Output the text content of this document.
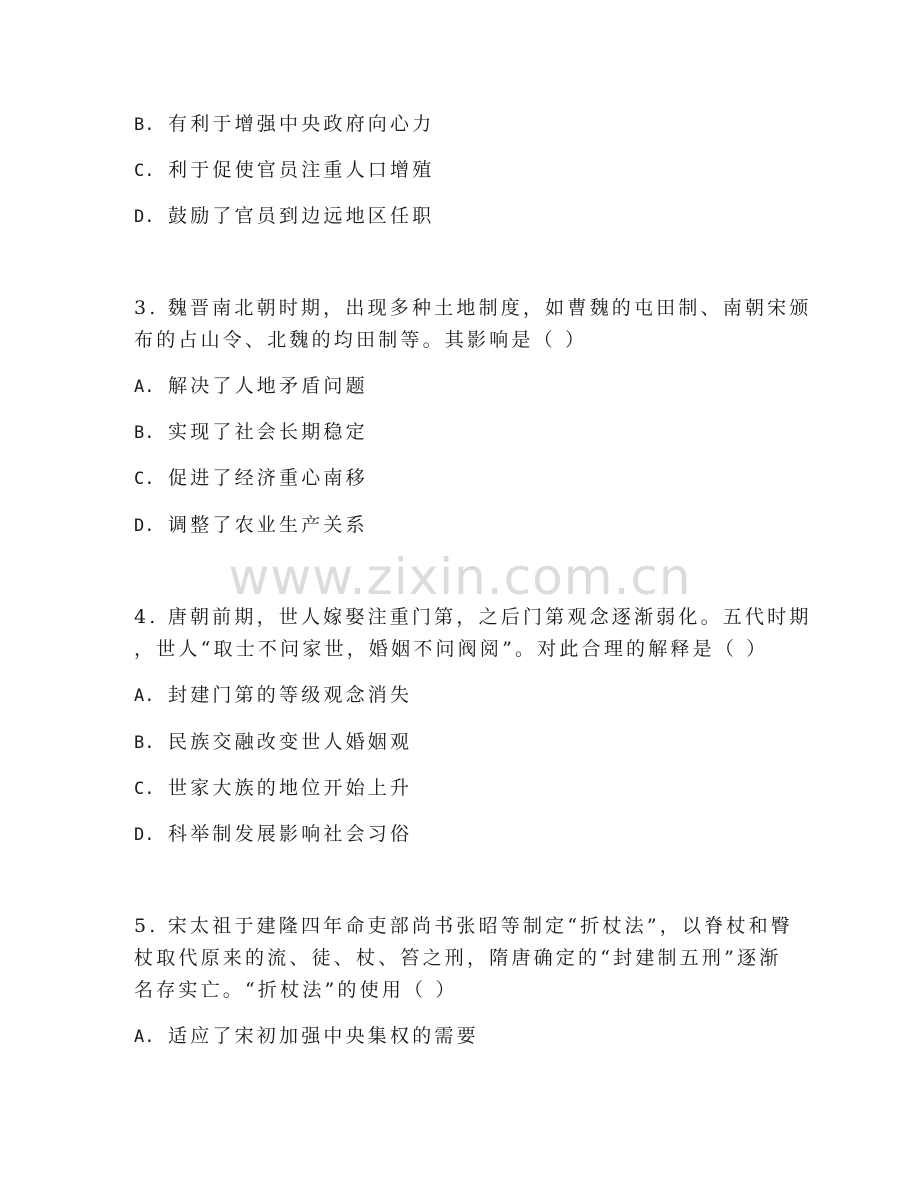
B. 有利于增强中央政府向心力
C. 利于促使官员注重人口增殖
D. 鼓励了官员到边远地区任职
3. 魏晋南北朝时期，出现多种土地制度，如曹魏的屯田制、南朝宋颁
布的占山令、北魏的均田制等。其影响是（ ）
A. 解决了人地矛盾问题
B. 实现了社会长期稳定
C. 促进了经济重心南移
D. 调整了农业生产关系
www.zixin.com.cn
4. 唐朝前期，世人嫁娶注重门第，之后门第观念逐渐弱化。五代时期
，世人“取士不问家世，婚姻不问阀阅”。对此合理的解释是（ ）
A. 封建门第的等级观念消失
B. 民族交融改变世人婚姻观
C. 世家大族的地位开始上升
D. 科举制发展影响社会习俗
5. 宋太祖于建隆四年命吏部尚书张昭等制定“折杖法”，以脊杖和臀
杖取代原来的流、徒、杖、笞之刑，隋唐确定的“封建制五刑”逐渐
名存实亡。“折杖法”的使用（ ）
A. 适应了宋初加强中央集权的需要
